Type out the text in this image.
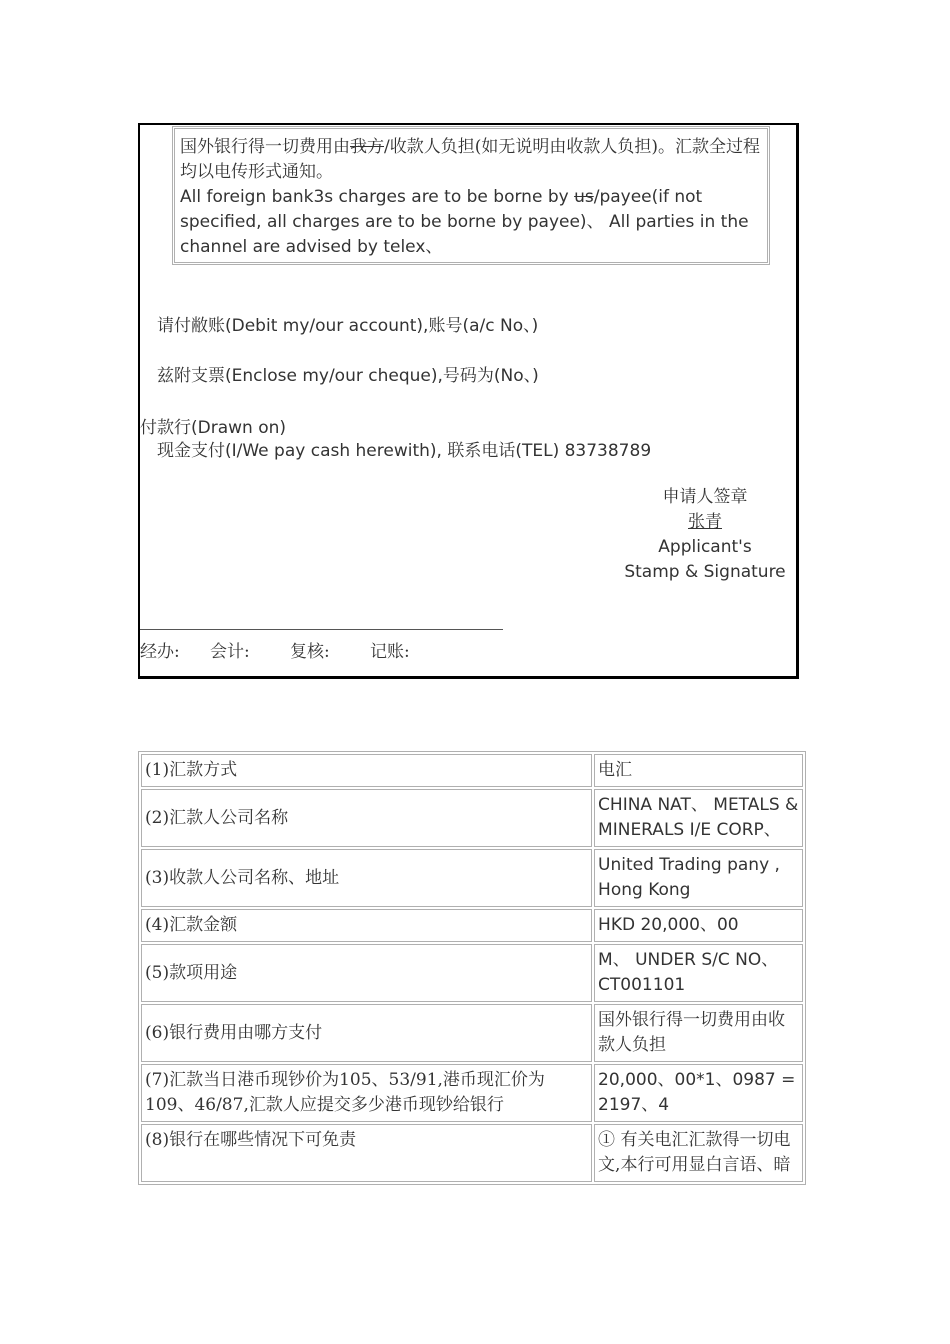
国外银行得一切费用由我方/收款人负担(如无说明由收款人负担)。汇款全过程均以电传形式通知。
All foreign bank3s charges are to be borne by us/payee(if not specified, all charges are to be borne by payee)、 All parties in the channel are advised by telex、
请付敝账(Debit my/our account),账号(a/c No、)
兹附支票(Enclose my/our cheque),号码为(No、)
付款行(Drawn on)
现金支付(I/We pay cash herewith), 联系电话(TEL) 83738789
申请人签章
张青
Applicant's
Stamp & Signature
经办:	会计:	复核:	记账:
(1)汇款方式	电汇
(2)汇款人公司名称	CHINA NAT、 METALS & MINERALS I/E CORP、
(3)收款人公司名称、地址	United Trading pany , Hong Kong
(4)汇款金额	HKD 20,000、00
(5)款项用途	M、 UNDER S/C NO、 CT001101
(6)银行费用由哪方支付	国外银行得一切费用由收款人负担
(7)汇款当日港币现钞价为105、53/91,港币现汇价为109、46/87,汇款人应提交多少港币现钞给银行	20,000、00*1、0987 = 2197、4
(8)银行在哪些情况下可免责	① 有关电汇汇款得一切电文,本行可用显白言语、暗
